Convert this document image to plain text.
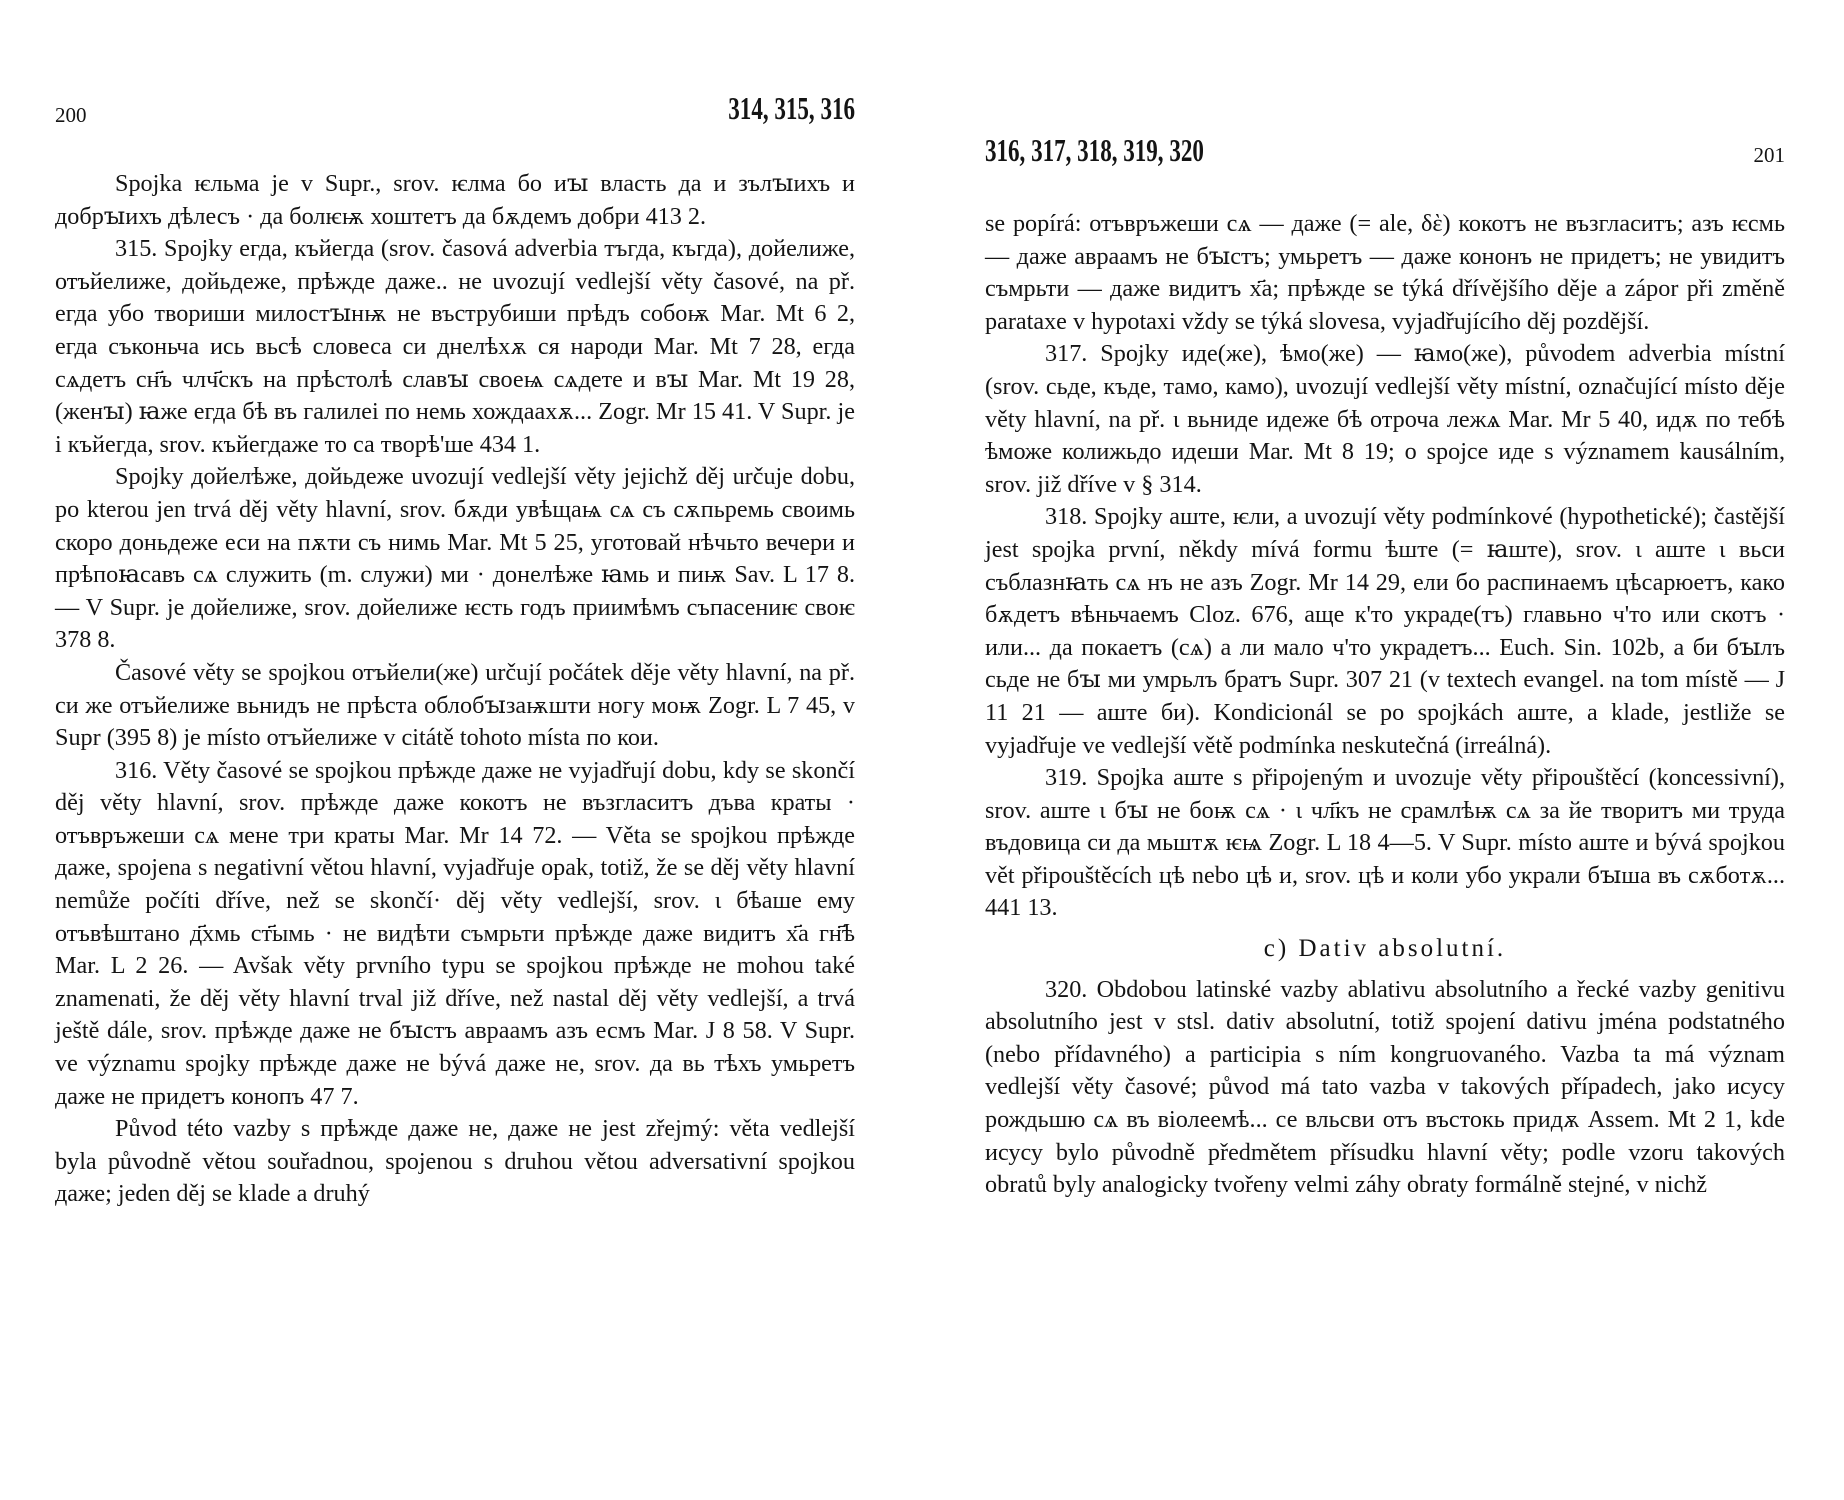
200	314, 315, 316

Spojka ѥльма je v Supr., srov. ѥлма бо иꙑ власть да и зълꙑихъ и добрꙑихъ дѣлесъ · да болѥѭ хоштетъ да бѫдемъ добри 413 2.

315. Spojky егда, къйегда (srov. časová adverbia тъгда, къгда), дойелиже, отъйелиже, дойьдеже, прѣжде даже.. не uvozují vedlejší věty časové, na př. егда убо твориши милостꙑнѭ не въструбиши прѣдъ собоѭ Mar. Mt 6 2, егда съконьча ись вьсѣ словеса си днелѣхѫ ся народи Mar. Mt 7 28, егда сѧдетъ сн҃ъ члч҃скъ на прѣстолѣ славꙑ своеѩ сѧдете и вꙑ Mar. Mt 19 28, (женꙑ) ꙗже егда бѣ въ галилеi по немь хождаахѫ... Zogr. Mr 15 41. V Supr. je i къйегда, srov. къйегдаже то са творѣ'ше 434 1.

Spojky дойелѣже, дойьдеже uvozují vedlejší věty jejichž děj určuje dobu, po kterou jen trvá děj věty hlavní, srov. бѫди увѣщаѩ сѧ съ сѫпьремь своимь скоро доньдеже еси на пѫти съ нимь Mar. Mt 5 25, уготовай нѣчьто вечери и прѣпоꙗсавъ сѧ служить (m. служи) ми · донелѣже ꙗмь и пиѭ Sav. L 17 8. — V Supr. je дойелиже, srov. дойелиже ѥсть годъ приимѣмъ съпасениѥ своѥ 378 8.

Časové věty se spojkou отъйели(же) určují počátek děje věty hlavní, na př. си же отъйелиже вьнидъ не прѣста облобꙑзаѭшти ногу моѭ Zogr. L 7 45, v Supr (395 8) je místo отъйелиже v citátě tohoto místa по кои.

316. Věty časové se spojkou прѣжде даже не vyjadřují dobu, kdy se skončí děj věty hlavní, srov. прѣжде даже кокотъ не възгласитъ дъва краты · отъвръжеши сѧ мене три краты Mar. Mr 14 72. — Věta se spojkou прѣжде даже, spojena s negativní větou hlavní, vyjadřuje opak, totiž, že se děj věty hlavní nemůže počíti dříve, než se skončí· děj věty vedlejší, srov. ι бѣаше ему отъвѣштано д҃хмь ст҃ымь · не видѣти съмрьти прѣжде даже видитъ х҃а гн҃ѣ Mar. L 2 26. — Avšak věty prvního typu se spojkou прѣжде не mohou také znamenati, že děj věty hlavní trval již dříve, než nastal děj věty vedlejší, a trvá ještě dále, srov. прѣжде даже не бꙑстъ авраамъ азъ есмъ Mar. J 8 58. V Supr. ve významu spojky прѣжде даже не bývá даже не, srov. да вь тѣхъ умьретъ даже не придетъ конопъ 47 7.

Původ této vazby s прѣжде даже не, даже не jest zřejmý: věta vedlejší byla původně větou souřadnou, spojenou s druhou větou adversativní spojkou даже; jeden děj se klade a druhý

316, 317, 318, 319, 320	201

se popírá: отъвръжеши сѧ — даже (= ale, δὲ) кокотъ не възгласитъ; азъ ѥсмь — даже авраамъ не бꙑстъ; умьретъ — даже кононъ не придетъ; не увидитъ съмрьти — даже видитъ х҃а; прѣжде se týká dřívějšího děje a zápor při změně parataxe v hypotaxi vždy se týká slovesa, vyjadřujícího děj pozdější.

317. Spojky иде(же), ѣмо(же) — ꙗмо(же), původem adverbia místní (srov. сьде, къде, тамо, камо), uvozují vedlejší věty místní, označující místo děje věty hlavní, na př. ι вьниде идеже бѣ отроча лежѧ Mar. Mr 5 40, идѫ по тебѣ ѣможе колижьдо идеши Mar. Mt 8 19; o spojce иде s významem kausálním, srov. již dříve v § 314.

318. Spojky аште, ѥли, а uvozují věty podmínkové (hypothetické); častější jest spojka první, někdy mívá formu ѣште (= ꙗште), srov. ι аште ι вьси съблазнꙗть сѧ нъ не азъ Zogr. Mr 14 29, ели бо распинаемъ цѣсарюетъ, како бѫдетъ вѣньчаемъ Cloz. 676, аще к'то украде(тъ) главьно ч'то или скотъ · или... да покаетъ (сѧ) а ли мало ч'то украдетъ... Euch. Sin. 102b, а би бꙑлъ сьде не бꙑ ми умрьлъ братъ Supr. 307 21 (v textech evangel. na tom místě — J 11 21 — аште би). Kondicionál se po spojkách аште, а klade, jestliže se vyjadřuje ve vedlejší větě podmínka neskutečná (irreálná).

319. Spojka аште s připojeným и uvozuje věty připouštěcí (koncessivní), srov. аште ι бꙑ не боѭ сѧ · ι чл҃къ не срамлѣѭ сѧ за йе творитъ ми труда въдовица си да мьштѫ ѥѩ Zogr. L 18 4—5. V Supr. místo аште и bývá spojkou vět připouštěcích цѣ nebo цѣ и, srov. цѣ и коли убо украли бꙑша въ сѫботѫ... 441 13.

c) Dativ absolutní.

320. Obdobou latinské vazby ablativu absolutního a řecké vazby genitivu absolutního jest v stsl. dativ absolutní, totiž spojení dativu jména podstatného (nebo přídavného) a participia s ním kongruovaného. Vazba ta má význam vedlejší věty časové; původ má tato vazba v takových případech, jako исусу рождьшю сѧ въ віолеемѣ... се вльсви отъ въстокь придѫ Assem. Mt 2 1, kde исусу bylo původně předmětem přísudku hlavní věty; podle vzoru takových obratů byly analogicky tvořeny velmi záhy obraty formálně stejné, v nichž
